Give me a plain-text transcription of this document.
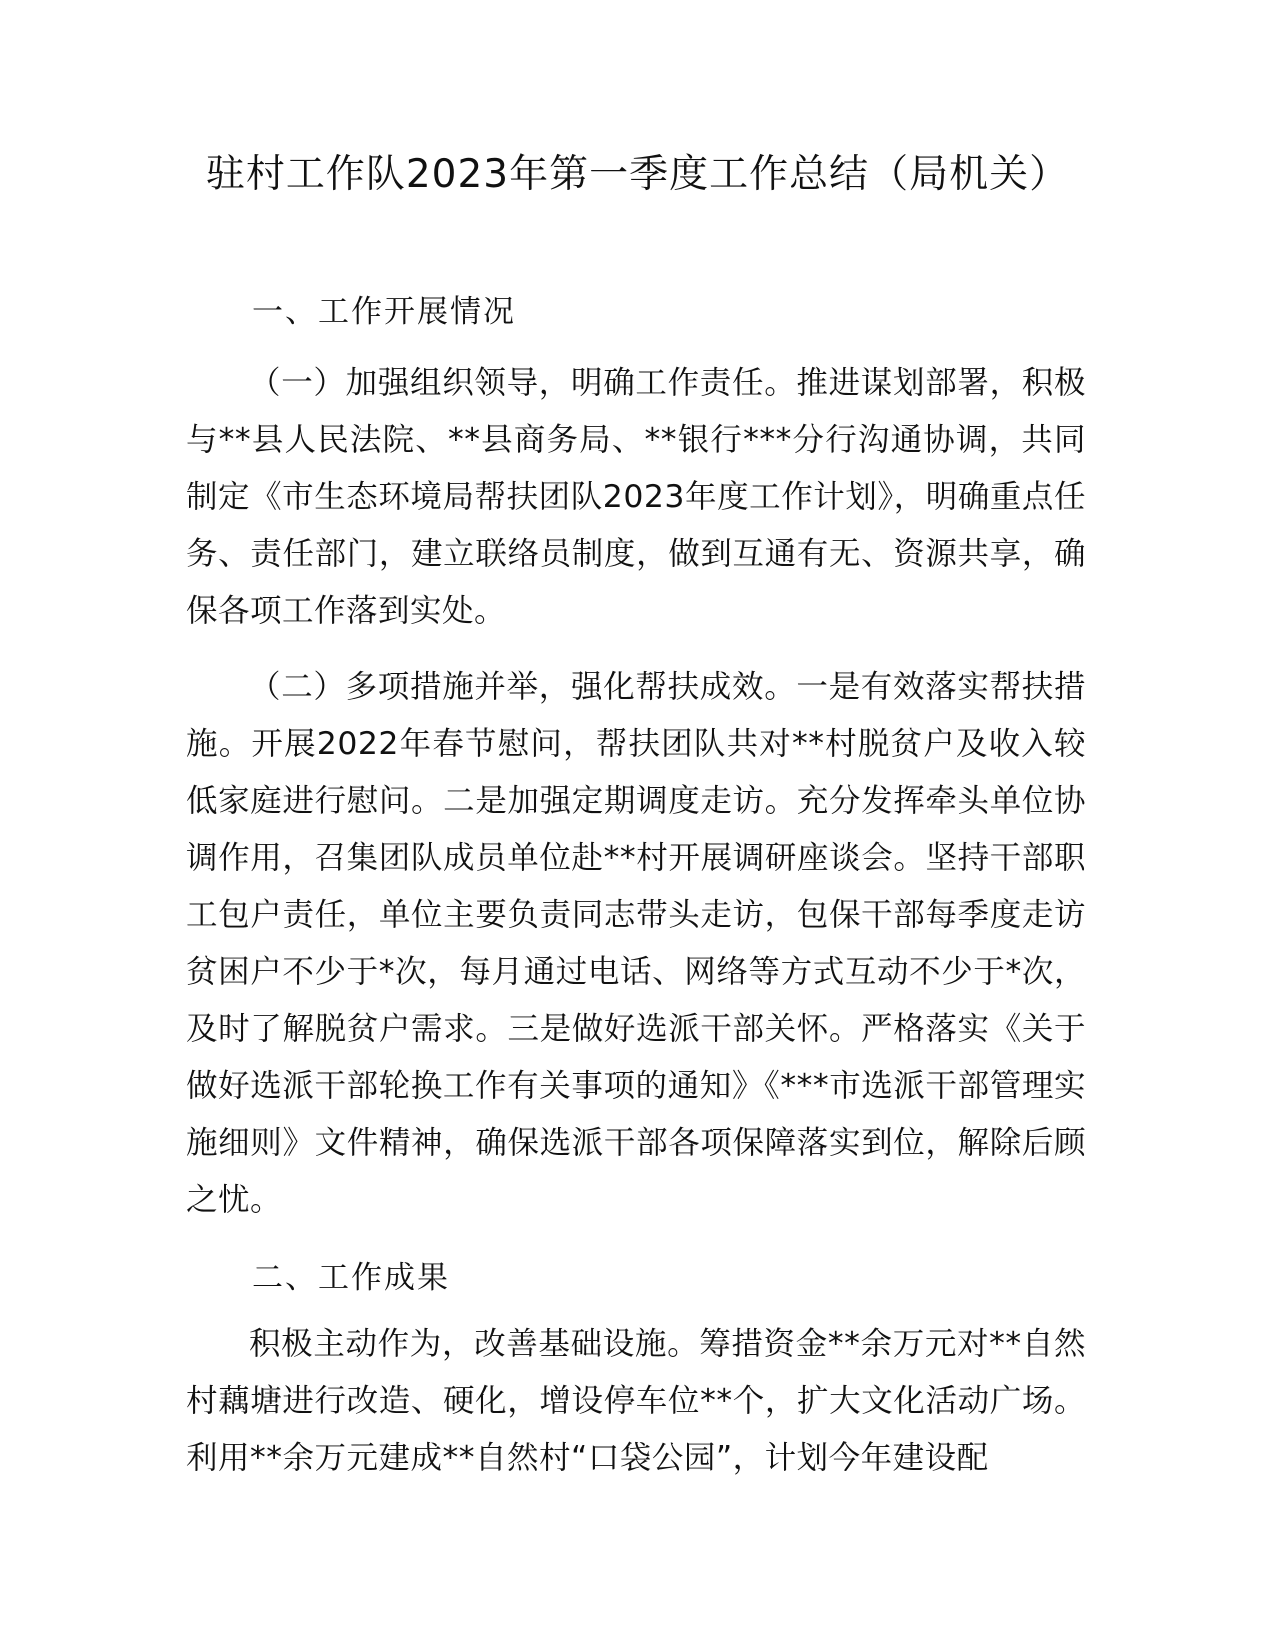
驻村工作队2023年第一季度工作总结（局机关）
一、工作开展情况

（一）加强组织领导，明确工作责任。推进谋划部署，积极与**县人民法院、**县商务局、**银行***分行沟通协调，共同制定《市生态环境局帮扶团队2023年度工作计划》，明确重点任务、责任部门，建立联络员制度，做到互通有无、资源共享，确保各项工作落到实处。

（二）多项措施并举，强化帮扶成效。一是有效落实帮扶措施。开展2022年春节慰问，帮扶团队共对**村脱贫户及收入较低家庭进行慰问。二是加强定期调度走访。充分发挥牵头单位协调作用，召集团队成员单位赴**村开展调研座谈会。坚持干部职工包户责任，单位主要负责同志带头走访，包保干部每季度走访贫困户不少于*次，每月通过电话、网络等方式互动不少于*次，及时了解脱贫户需求。三是做好选派干部关怀。严格落实《关于做好选派干部轮换工作有关事项的通知》《***市选派干部管理实施细则》文件精神，确保选派干部各项保障落实到位，解除后顾之忧。

二、工作成果

积极主动作为，改善基础设施。筹措资金**余万元对**自然村藕塘进行改造、硬化，增设停车位**个，扩大文化活动广场。利用**余万元建成**自然村“口袋公园”，计划今年建设配
